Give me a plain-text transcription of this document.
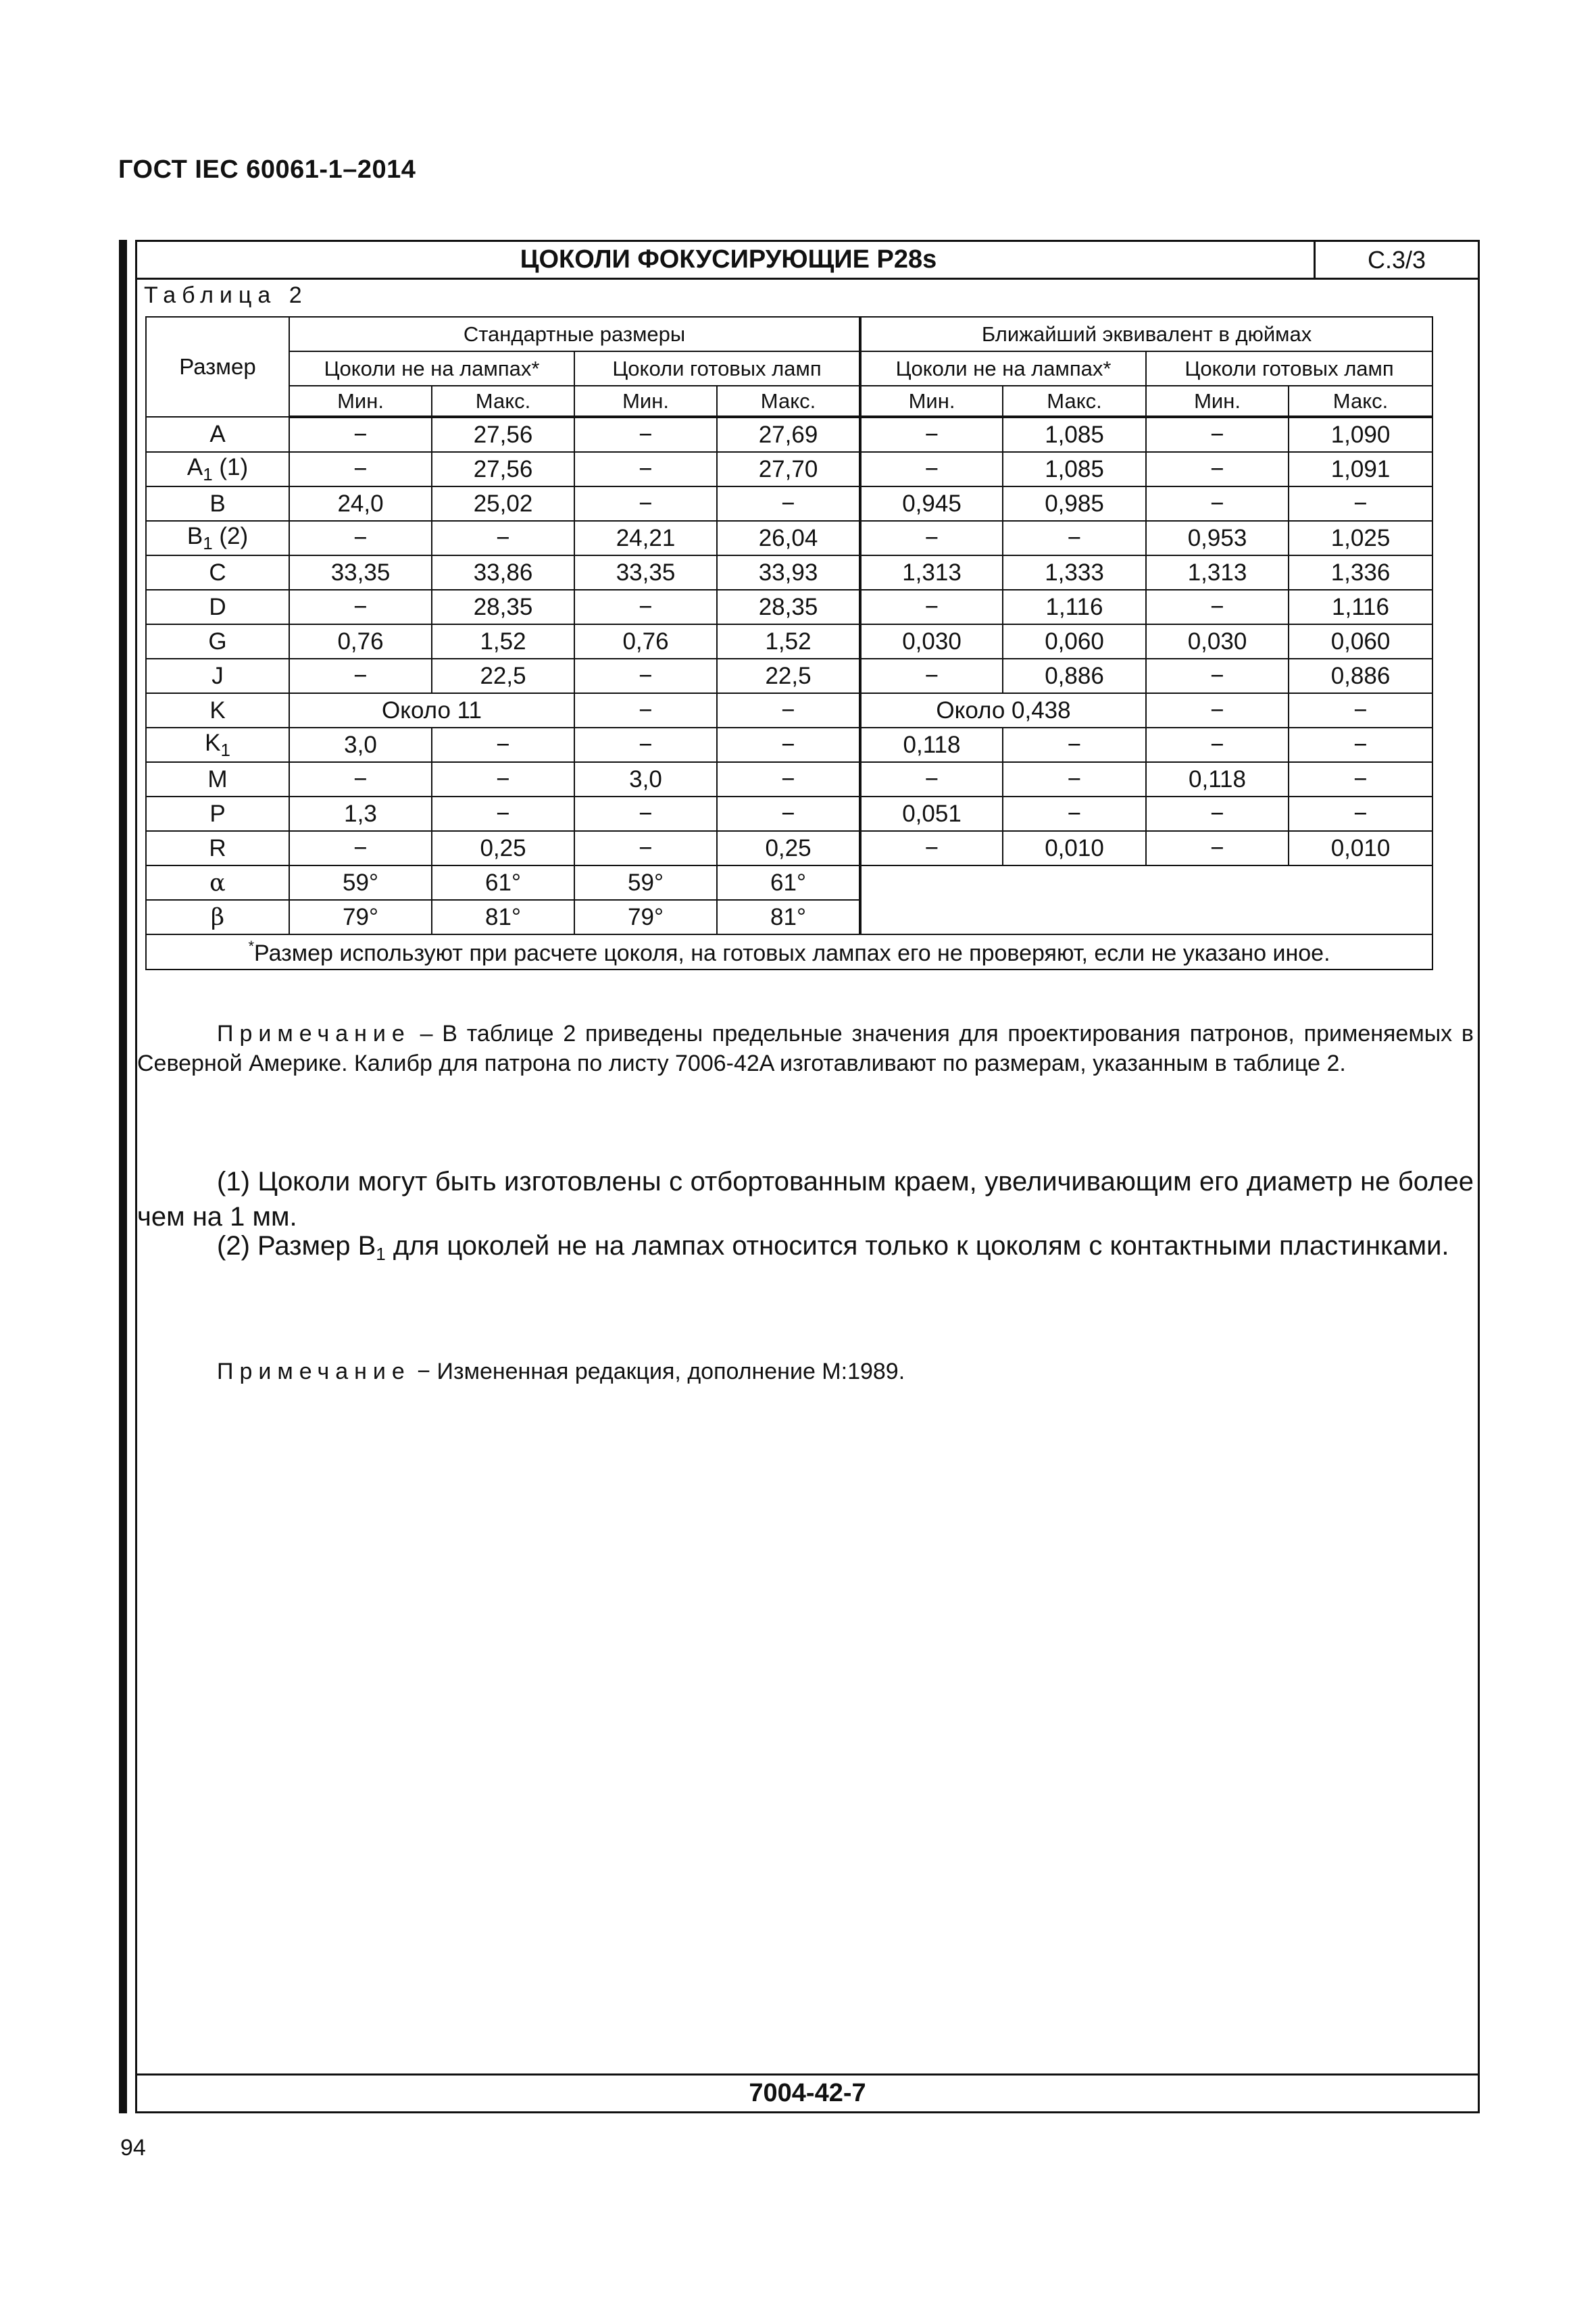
ГОСТ IEC 60061-1–2014
ЦОКОЛИ ФОКУСИРУЮЩИЕ P28s	С.3/3
Таблица 2
Размер	Стандартные размеры				Ближайший эквивалент в дюймах			
	Цоколи не на лампах*		Цоколи готовых ламп		Цоколи не на лампах*		Цоколи готовых ламп	
	Мин.	Макс.	Мин.	Макс.	Мин.	Макс.	Мин.	Макс.
A	−	27,56	−	27,69	−	1,085	−	1,090
$A_1$ (1)	−	27,56	−	27,70	−	1,085	−	1,091
B	24,0	25,02	−	−	0,945	0,985	−	−
$B_1$ (2)	−	−	24,21	26,04	−	−	0,953	1,025
C	33,35	33,86	33,35	33,93	1,313	1,333	1,313	1,336
D	−	28,35	−	28,35	−	1,116	−	1,116
G	0,76	1,52	0,76	1,52	0,030	0,060	0,030	0,060
J	−	22,5	−	22,5	−	0,886	−	0,886
K	Около 11		−	−	Около 0,438		−	−
$K_1$	3,0	−	−	−	0,118	−	−	−
M	−	−	3,0	−	−	−	0,118	−
P	1,3	−	−	−	0,051	−	−	−
R	−	0,25	−	0,25	−	0,010	−	0,010
α	59°	61°	59°	61°				
β	79°	81°	79°	81°				
*Размер используют при расчете цоколя, на готовых лампах его не проверяют, если не указано иное.								
Примечание – В таблице 2 приведены предельные значения для проектирования патронов, применяемых в Северной Америке. Калибр для патрона по листу 7006-42A изготавливают по размерам, указанным в таблице 2.
(1) Цоколи могут быть изготовлены с отбортованным краем, увеличивающим его диаметр не более чем на 1 мм.
(2) Размер $B_1$ для цоколей не на лампах относится только к цоколям с контактными пластинками.
Примечание − Измененная редакция, дополнение М:1989.
7004-42-7
94
